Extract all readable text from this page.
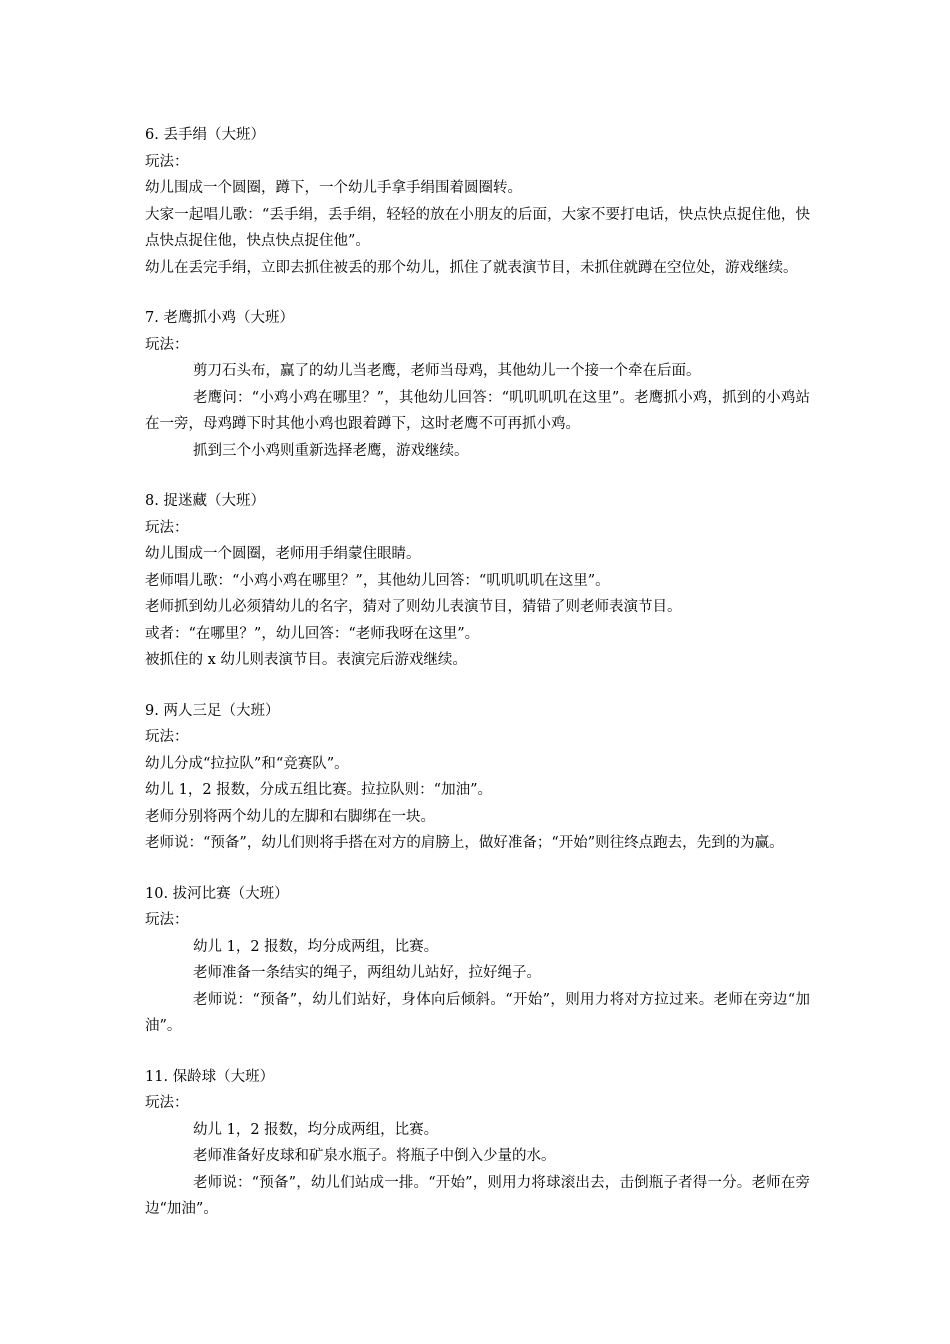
6. 丢手绢（大班）
玩法：
幼儿围成一个圆圈，蹲下，一个幼儿手拿手绢围着圆圈转。
大家一起唱儿歌：“丢手绢，丢手绢，轻轻的放在小朋友的后面，大家不要打电话，快点快点捉住他，快点快点捉住他，快点快点捉住他”。
幼儿在丢完手绢，立即去抓住被丢的那个幼儿，抓住了就表演节目，未抓住就蹲在空位处，游戏继续。
7. 老鹰抓小鸡（大班）
玩法：
剪刀石头布，赢了的幼儿当老鹰，老师当母鸡，其他幼儿一个接一个牵在后面。
老鹰问：“小鸡小鸡在哪里？”，其他幼儿回答：“叽叽叽叽在这里”。老鹰抓小鸡，抓到的小鸡站在一旁，母鸡蹲下时其他小鸡也跟着蹲下，这时老鹰不可再抓小鸡。
抓到三个小鸡则重新选择老鹰，游戏继续。
8. 捉迷藏（大班）
玩法：
幼儿围成一个圆圈，老师用手绢蒙住眼睛。
老师唱儿歌：“小鸡小鸡在哪里？”，其他幼儿回答：“叽叽叽叽在这里”。
老师抓到幼儿必须猜幼儿的名字，猜对了则幼儿表演节目，猜错了则老师表演节目。
或者：“在哪里？”，幼儿回答：“老师我呀在这里”。
被抓住的 x 幼儿则表演节目。表演完后游戏继续。
9. 两人三足（大班）
玩法：
幼儿分成“拉拉队”和“竞赛队”。
幼儿 1，2 报数，分成五组比赛。拉拉队则：“加油”。
老师分别将两个幼儿的左脚和右脚绑在一块。
老师说：“预备”，幼儿们则将手搭在对方的肩膀上，做好准备；“开始”则往终点跑去，先到的为赢。
10. 拔河比赛（大班）
玩法：
幼儿 1，2 报数，均分成两组，比赛。
老师准备一条结实的绳子，两组幼儿站好，拉好绳子。
老师说：“预备”，幼儿们站好，身体向后倾斜。“开始”，则用力将对方拉过来。老师在旁边“加油”。
11. 保龄球（大班）
玩法：
幼儿 1，2 报数，均分成两组，比赛。
老师准备好皮球和矿泉水瓶子。将瓶子中倒入少量的水。
老师说：“预备”，幼儿们站成一排。“开始”，则用力将球滚出去，击倒瓶子者得一分。老师在旁边“加油”。
